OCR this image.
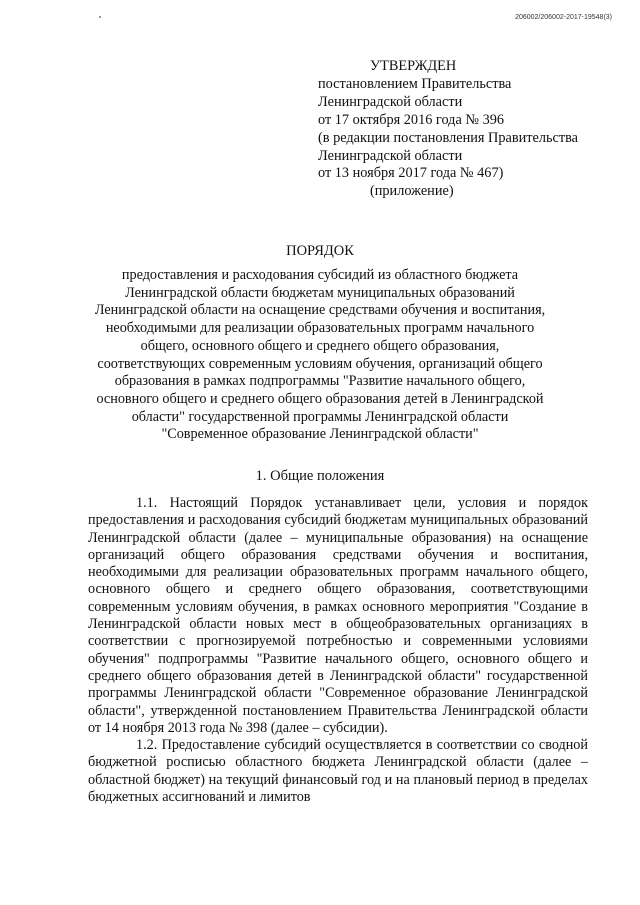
206002/206002-2017-19548(3)
УТВЕРЖДЕН
постановлением Правительства
Ленинградской области
от 17 октября 2016 года № 396
(в редакции постановления Правительства
Ленинградской области
от 13 ноября 2017 года № 467)
(приложение)
ПОРЯДОК
предоставления и расходования субсидий из областного бюджета Ленинградской области бюджетам муниципальных образований Ленинградской области на оснащение средствами обучения и воспитания, необходимыми для реализации образовательных программ начального общего, основного общего и среднего общего образования, соответствующих современным условиям обучения, организаций общего образования в рамках подпрограммы "Развитие начального общего, основного общего и среднего общего образования детей в Ленинградской области" государственной программы Ленинградской области "Современное образование Ленинградской области"
1. Общие положения

1.1. Настоящий Порядок устанавливает цели, условия и порядок предоставления и расходования субсидий бюджетам муниципальных образований Ленинградской области (далее – муниципальные образования) на оснащение организаций общего образования средствами обучения и воспитания, необходимыми для реализации образовательных программ начального общего, основного общего и среднего общего образования, соответствующими современным условиям обучения, в рамках основного мероприятия "Создание в Ленинградской области новых мест в общеобразовательных организациях в соответствии с прогнозируемой потребностью и современными условиями обучения" подпрограммы "Развитие начального общего, основного общего и среднего общего образования детей в Ленинградской области" государственной программы Ленинградской области "Современное образование Ленинградской области", утвержденной постановлением Правительства Ленинградской области от 14 ноября 2013 года № 398 (далее – субсидии).

1.2. Предоставление субсидий осуществляется в соответствии со сводной бюджетной росписью областного бюджета Ленинградской области (далее – областной бюджет) на текущий финансовый год и на плановый период в пределах бюджетных ассигнований и лимитов
